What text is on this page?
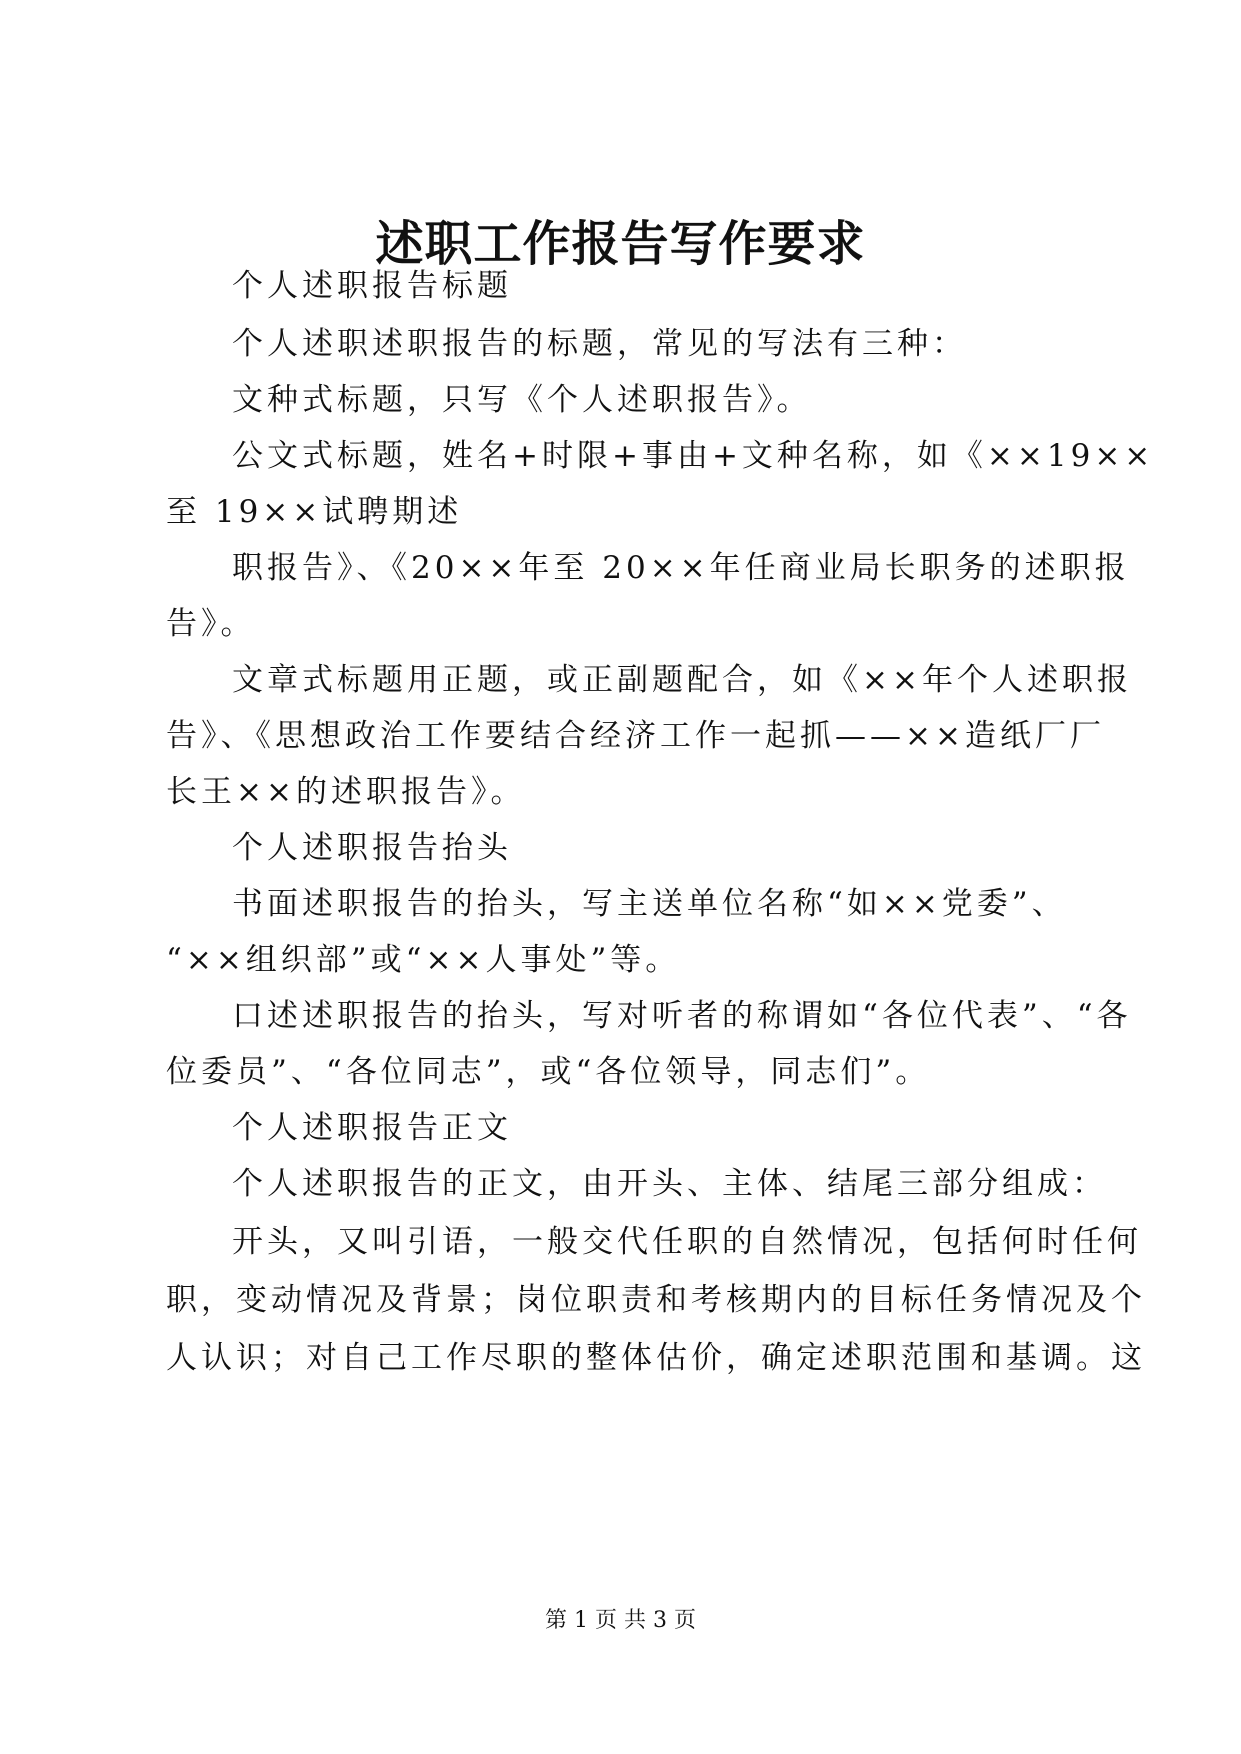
述职工作报告写作要求
个人述职报告标题
个人述职述职报告的标题，常见的写法有三种：
文种式标题，只写《个人述职报告》。
公文式标题，姓名+时限+事由+文种名称，如《××19××
至 19××试聘期述
职报告》、《20××年至 20××年任商业局长职务的述职报
告》。
文章式标题用正题，或正副题配合，如《××年个人述职报
告》、《思想政治工作要结合经济工作一起抓——××造纸厂厂
长王××的述职报告》。
个人述职报告抬头
书面述职报告的抬头，写主送单位名称“如××党委”、
“××组织部”或“××人事处”等。
口述述职报告的抬头，写对听者的称谓如“各位代表”、“各
位委员”、“各位同志”，或“各位领导，同志们”。
个人述职报告正文
个人述职报告的正文，由开头、主体、结尾三部分组成：
开头，又叫引语，一般交代任职的自然情况，包括何时任何
职，变动情况及背景；岗位职责和考核期内的目标任务情况及个
人认识；对自己工作尽职的整体估价，确定述职范围和基调。这
第 1 页 共 3 页
